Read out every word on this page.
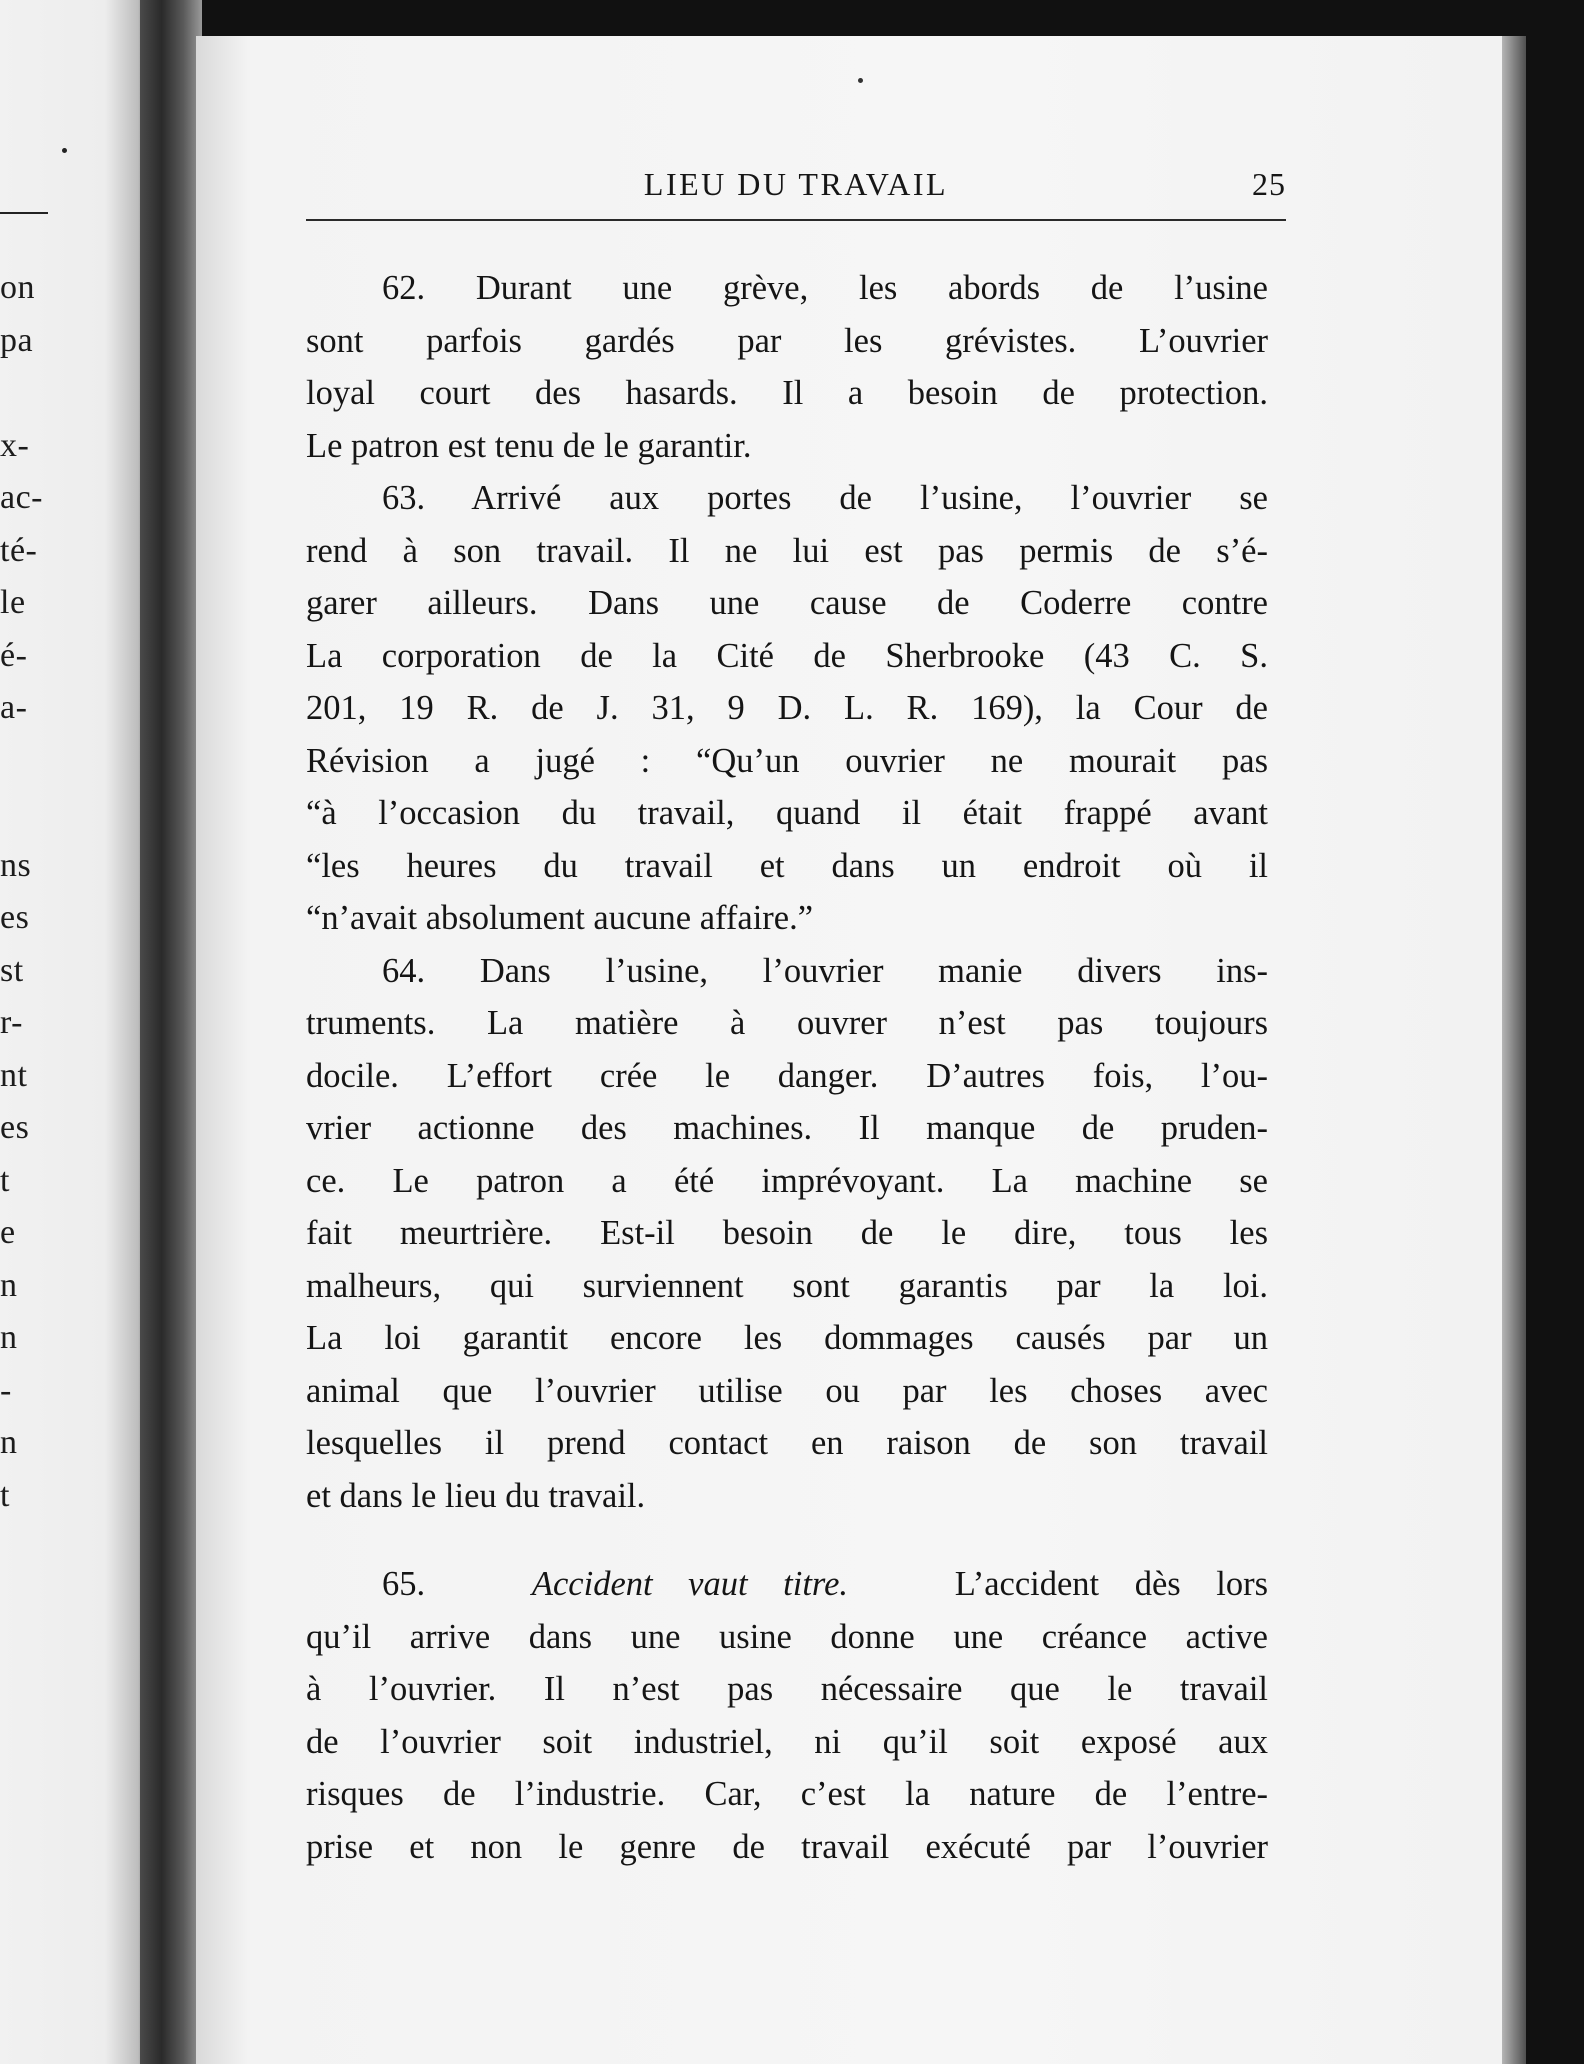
on
pa
x-
ac-
té-
le
é-
a-
ns
es
st
r-
nt
es
t
e
n
n
-
n
t
LIEU DU TRAVAIL	25
62. Durant une grève, les abords de l’usine
sont parfois gardés par les grévistes. L’ouvrier
loyal court des hasards. Il a besoin de protection.
Le patron est tenu de le garantir.
63. Arrivé aux portes de l’usine, l’ouvrier se
rend à son travail. Il ne lui est pas permis de s’é-
garer ailleurs. Dans une cause de Coderre contre
La corporation de la Cité de Sherbrooke (43 C. S.
201, 19 R. de J. 31, 9 D. L. R. 169), la Cour de
Révision a jugé : “Qu’un ouvrier ne mourait pas
“à l’occasion du travail, quand il était frappé avant
“les heures du travail et dans un endroit où il
“n’avait absolument aucune affaire.”
64. Dans l’usine, l’ouvrier manie divers ins-
truments. La matière à ouvrer n’est pas toujours
docile. L’effort crée le danger. D’autres fois, l’ou-
vrier actionne des machines. Il manque de pruden-
ce. Le patron a été imprévoyant. La machine se
fait meurtrière. Est-il besoin de le dire, tous les
malheurs, qui surviennent sont garantis par la loi.
La loi garantit encore les dommages causés par un
animal que l’ouvrier utilise ou par les choses avec
lesquelles il prend contact en raison de son travail
et dans le lieu du travail.
65.	Accident vaut titre.	L’accident dès lors
qu’il arrive dans une usine donne une créance active
à l’ouvrier. Il n’est pas nécessaire que le travail
de l’ouvrier soit industriel, ni qu’il soit exposé aux
risques de l’industrie. Car, c’est la nature de l’entre-
prise et non le genre de travail exécuté par l’ouvrier
